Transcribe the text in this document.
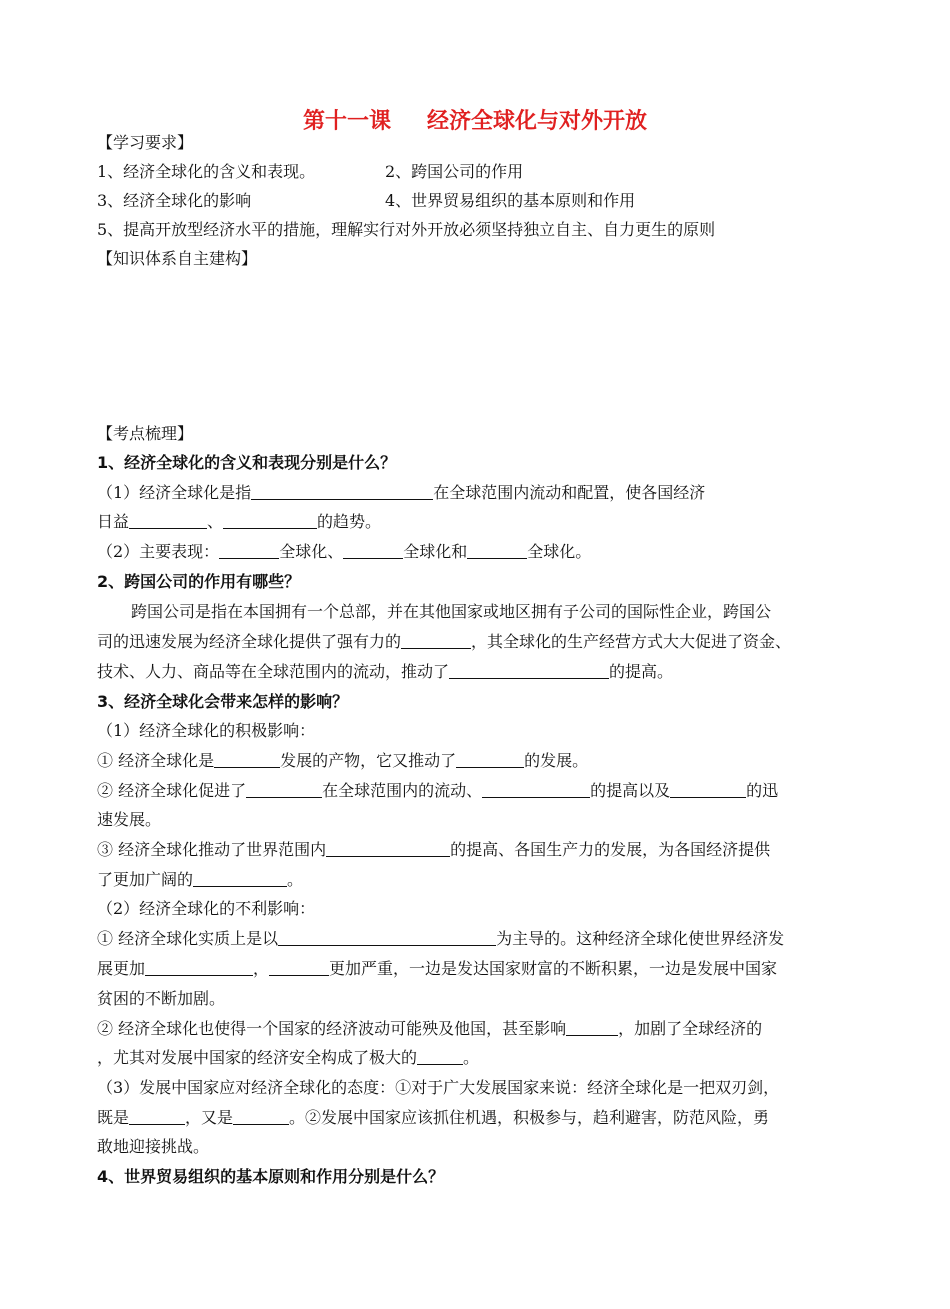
第十一课 经济全球化与对外开放
【学习要求】
1、经济全球化的含义和表现。	2、跨国公司的作用
3、经济全球化的影响	4、世界贸易组织的基本原则和作用
5、提高开放型经济水平的措施，理解实行对外开放必须坚持独立自主、自力更生的原则
【知识体系自主建构】
【考点梳理】
1、经济全球化的含义和表现分别是什么？
（1）经济全球化是指	在全球范围内流动和配置，使各国经济
日益	、	的趋势。
（2）主要表现：	全球化、	全球化和	全球化。
2、跨国公司的作用有哪些？
跨国公司是指在本国拥有一个总部，并在其他国家或地区拥有子公司的国际性企业，跨国公
司的迅速发展为经济全球化提供了强有力的	，其全球化的生产经营方式大大促进了资金、
技术、人力、商品等在全球范围内的流动，推动了	的提高。
3、经济全球化会带来怎样的影响？
（1）经济全球化的积极影响：
① 经济全球化是	发展的产物，它又推动了	的发展。
② 经济全球化促进了	在全球范围内的流动、	的提高以及	的迅
速发展。
③ 经济全球化推动了世界范围内	的提高、各国生产力的发展，为各国经济提供
了更加广阔的	。
（2）经济全球化的不利影响：
① 经济全球化实质上是以	为主导的。这种经济全球化使世界经济发
展更加	，	更加严重，一边是发达国家财富的不断积累，一边是发展中国家
贫困的不断加剧。
② 经济全球化也使得一个国家的经济波动可能殃及他国，甚至影响	，加剧了全球经济的
，尤其对发展中国家的经济安全构成了极大的	。
（3）发展中国家应对经济全球化的态度：①对于广大发展国家来说：经济全球化是一把双刃剑，
既是	，又是	。②发展中国家应该抓住机遇，积极参与，趋利避害，防范风险，勇
敢地迎接挑战。
4、世界贸易组织的基本原则和作用分别是什么？
